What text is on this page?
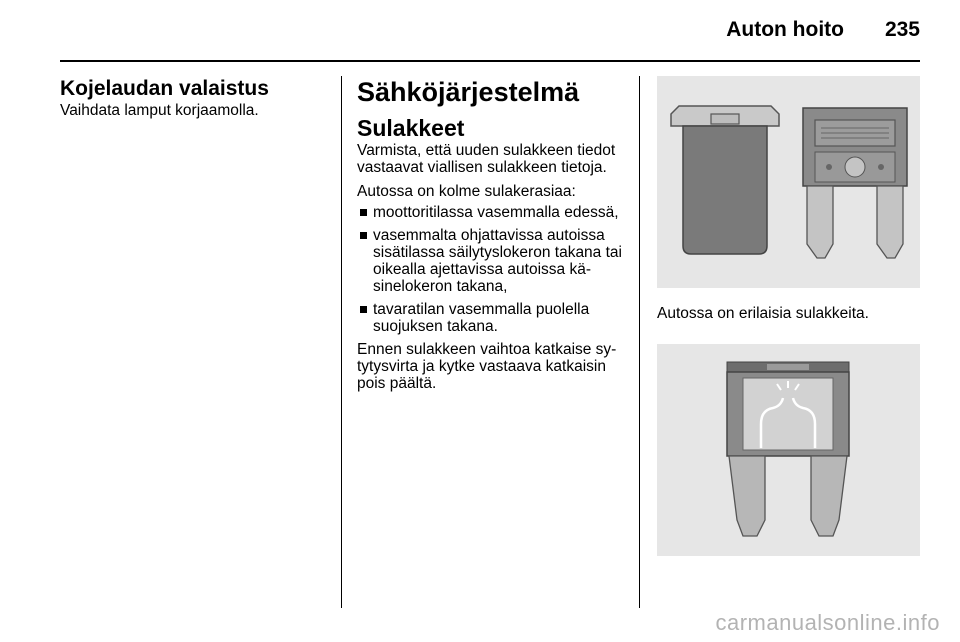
Auton hoito 235
Kojelaudan valaistus

Vaihdata lamput korjaamolla.

Sähköjärjestelmä
Sulakkeet

Varmista, että uuden sulakkeen tiedot vastaavat viallisen sulakkeen tietoja.

Autossa on kolme sulakerasiaa:

moottoritilassa vasemmalla edessä,
vasemmalta ohjattavissa autoissa sisätilassa säilytyslokeron takana tai oikealla ajettavissa autoissa kä-sinelokeron takana,
tavaratilan vasemmalla puolella suojuksen takana.

Ennen sulakkeen vaihtoa katkaise sy-tytysvirta ja kytke vastaava katkaisin pois päältä.

Autossa on erilaisia sulakkeita.

carmanualsonline.info
